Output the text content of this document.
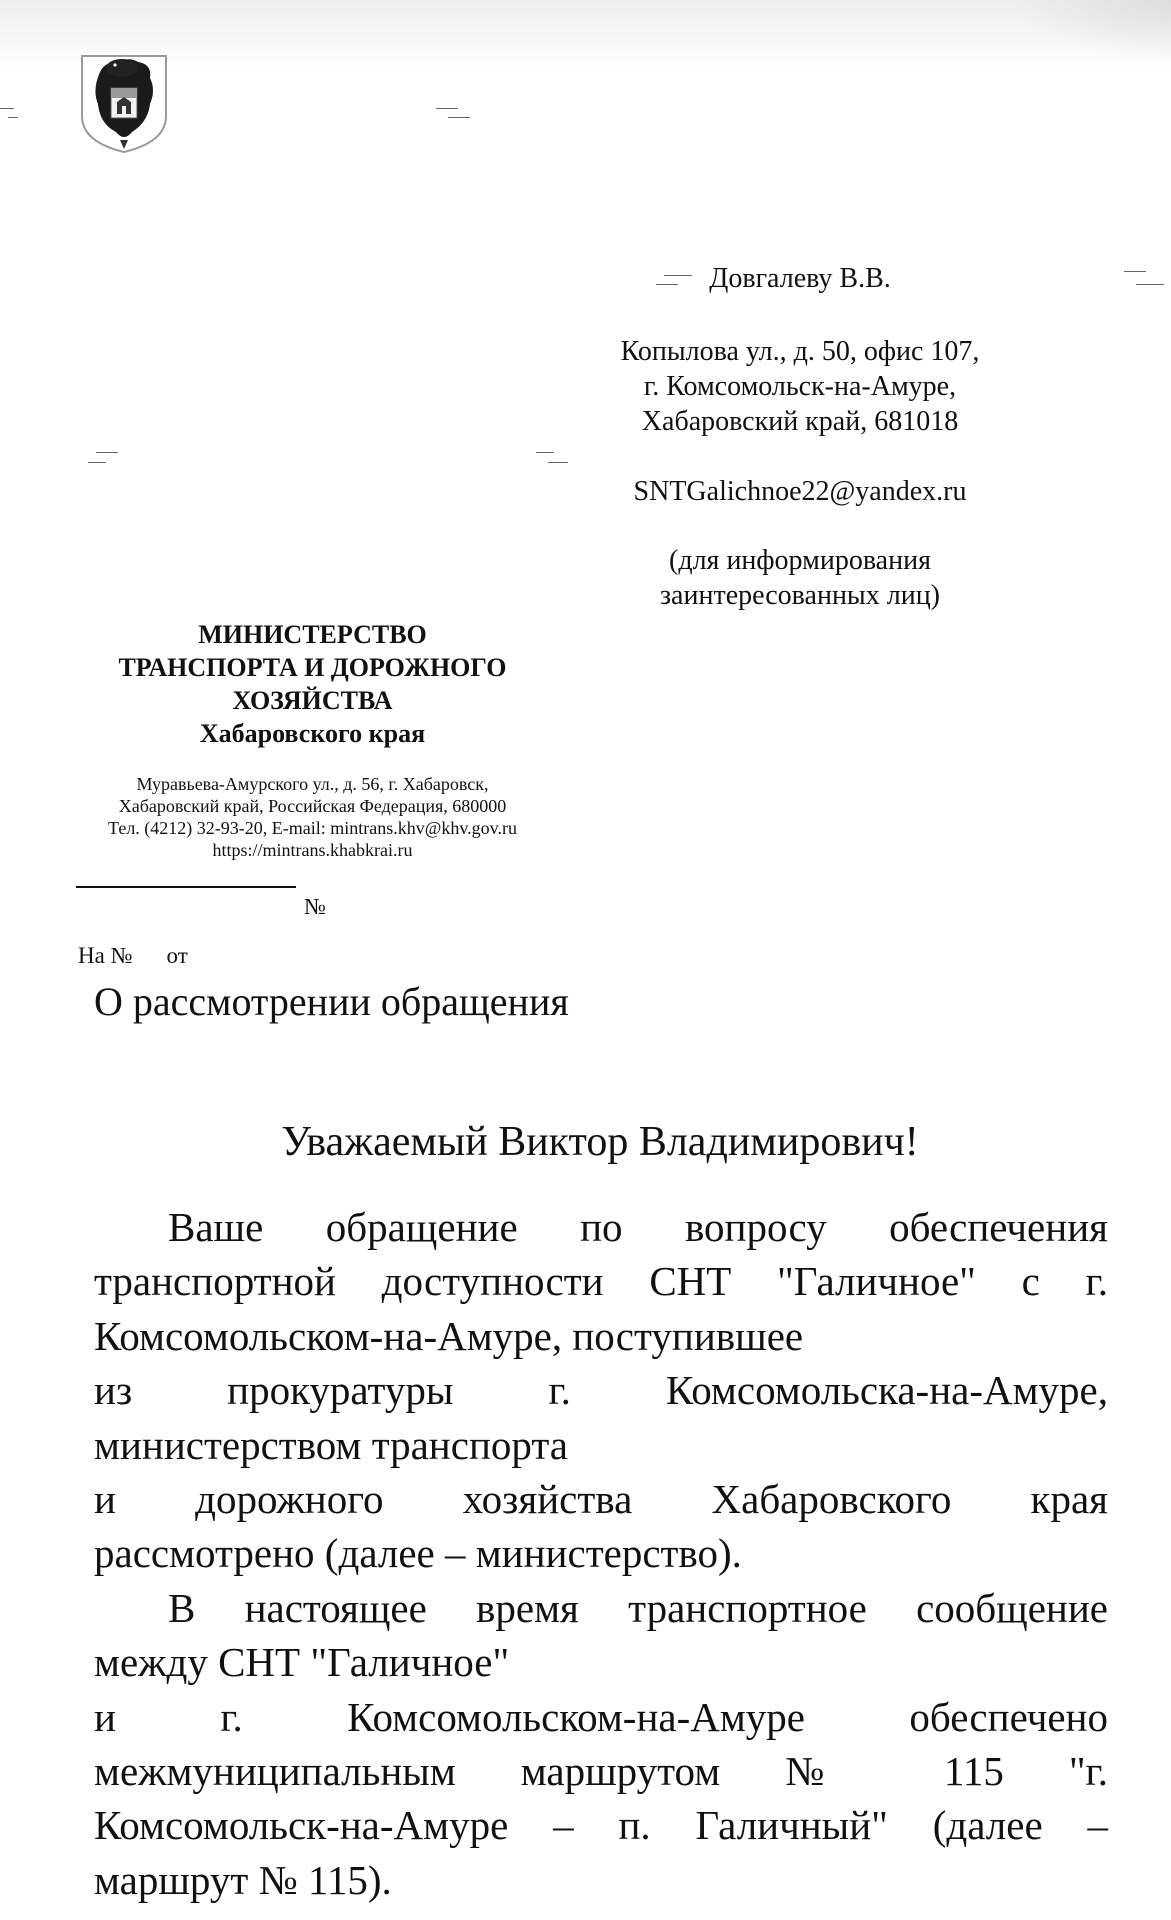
Довгалеву В.В.

Копылова ул., д. 50, офис 107,

г. Комсомольск-на-Амуре,

Хабаровский край, 681018

SNTGalichnoe22@yandex.ru

(для информирования

заинтересованных лиц)

МИНИСТЕРСТВО
ТРАНСПОРТА И ДОРОЖНОГО
ХОЗЯЙСТВА
Хабаровского края
Муравьева-Амурского ул., д. 56, г. Хабаровск,
Хабаровский край, Российская Федерация, 680000
Тел. (4212) 32-93-20, E-mail: mintrans.khv@khv.gov.ru
https://mintrans.khabkrai.ru
№
На № от
О рассмотрении обращения
Уважаемый Виктор Владимирович!
Ваше обращение по вопросу обеспечения
транспортной доступности СНТ "Галичное" с г.
Комсомольском-на-Амуре, поступившее
из прокуратуры г. Комсомольска-на-Амуре,
министерством транспорта
и дорожного хозяйства Хабаровского края
рассмотрено (далее – министерство).
В настоящее время транспортное сообщение
между СНТ "Галичное"
и г. Комсомольском-на-Амуре обеспечено
межмуниципальным маршрутом № 115 "г.
Комсомольск-на-Амуре – п. Галичный" (далее –
маршрут № 115).
